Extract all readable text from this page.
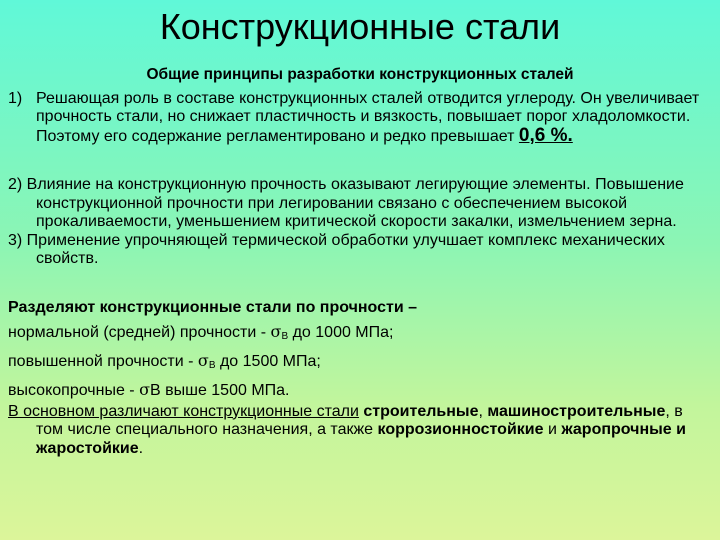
Конструкционные стали

Общие принципы разработки конструкционных сталей

1) Решающая роль в составе конструкционных сталей отводится углероду. Он увеличивает прочность стали, но снижает пластичность и вязкость, повышает порог хладоломкости. Поэтому его содержание регламентировано и редко превышает 0,6 %.

2) Влияние на конструкционную прочность оказывают легирующие элементы. Повышение конструкционной прочности при легировании связано с обеспечением высокой прокаливаемости, уменьшением критической скорости закалки, измельчением зерна.

3) Применение упрочняющей термической обработки улучшает комплекс механических свойств.

Разделяют конструкционные стали по прочности –

нормальной (средней) прочности - $\sigma_В$ до 1000 МПа;

повышенной прочности - $\sigma_В$ до 1500 МПа;

высокопрочные - σВ выше 1500 МПа.

В основном различают конструкционные стали строительные, машиностроительные, в том числе специального назначения, а также коррозионностойкие и жаропрочные и жаростойкие.
